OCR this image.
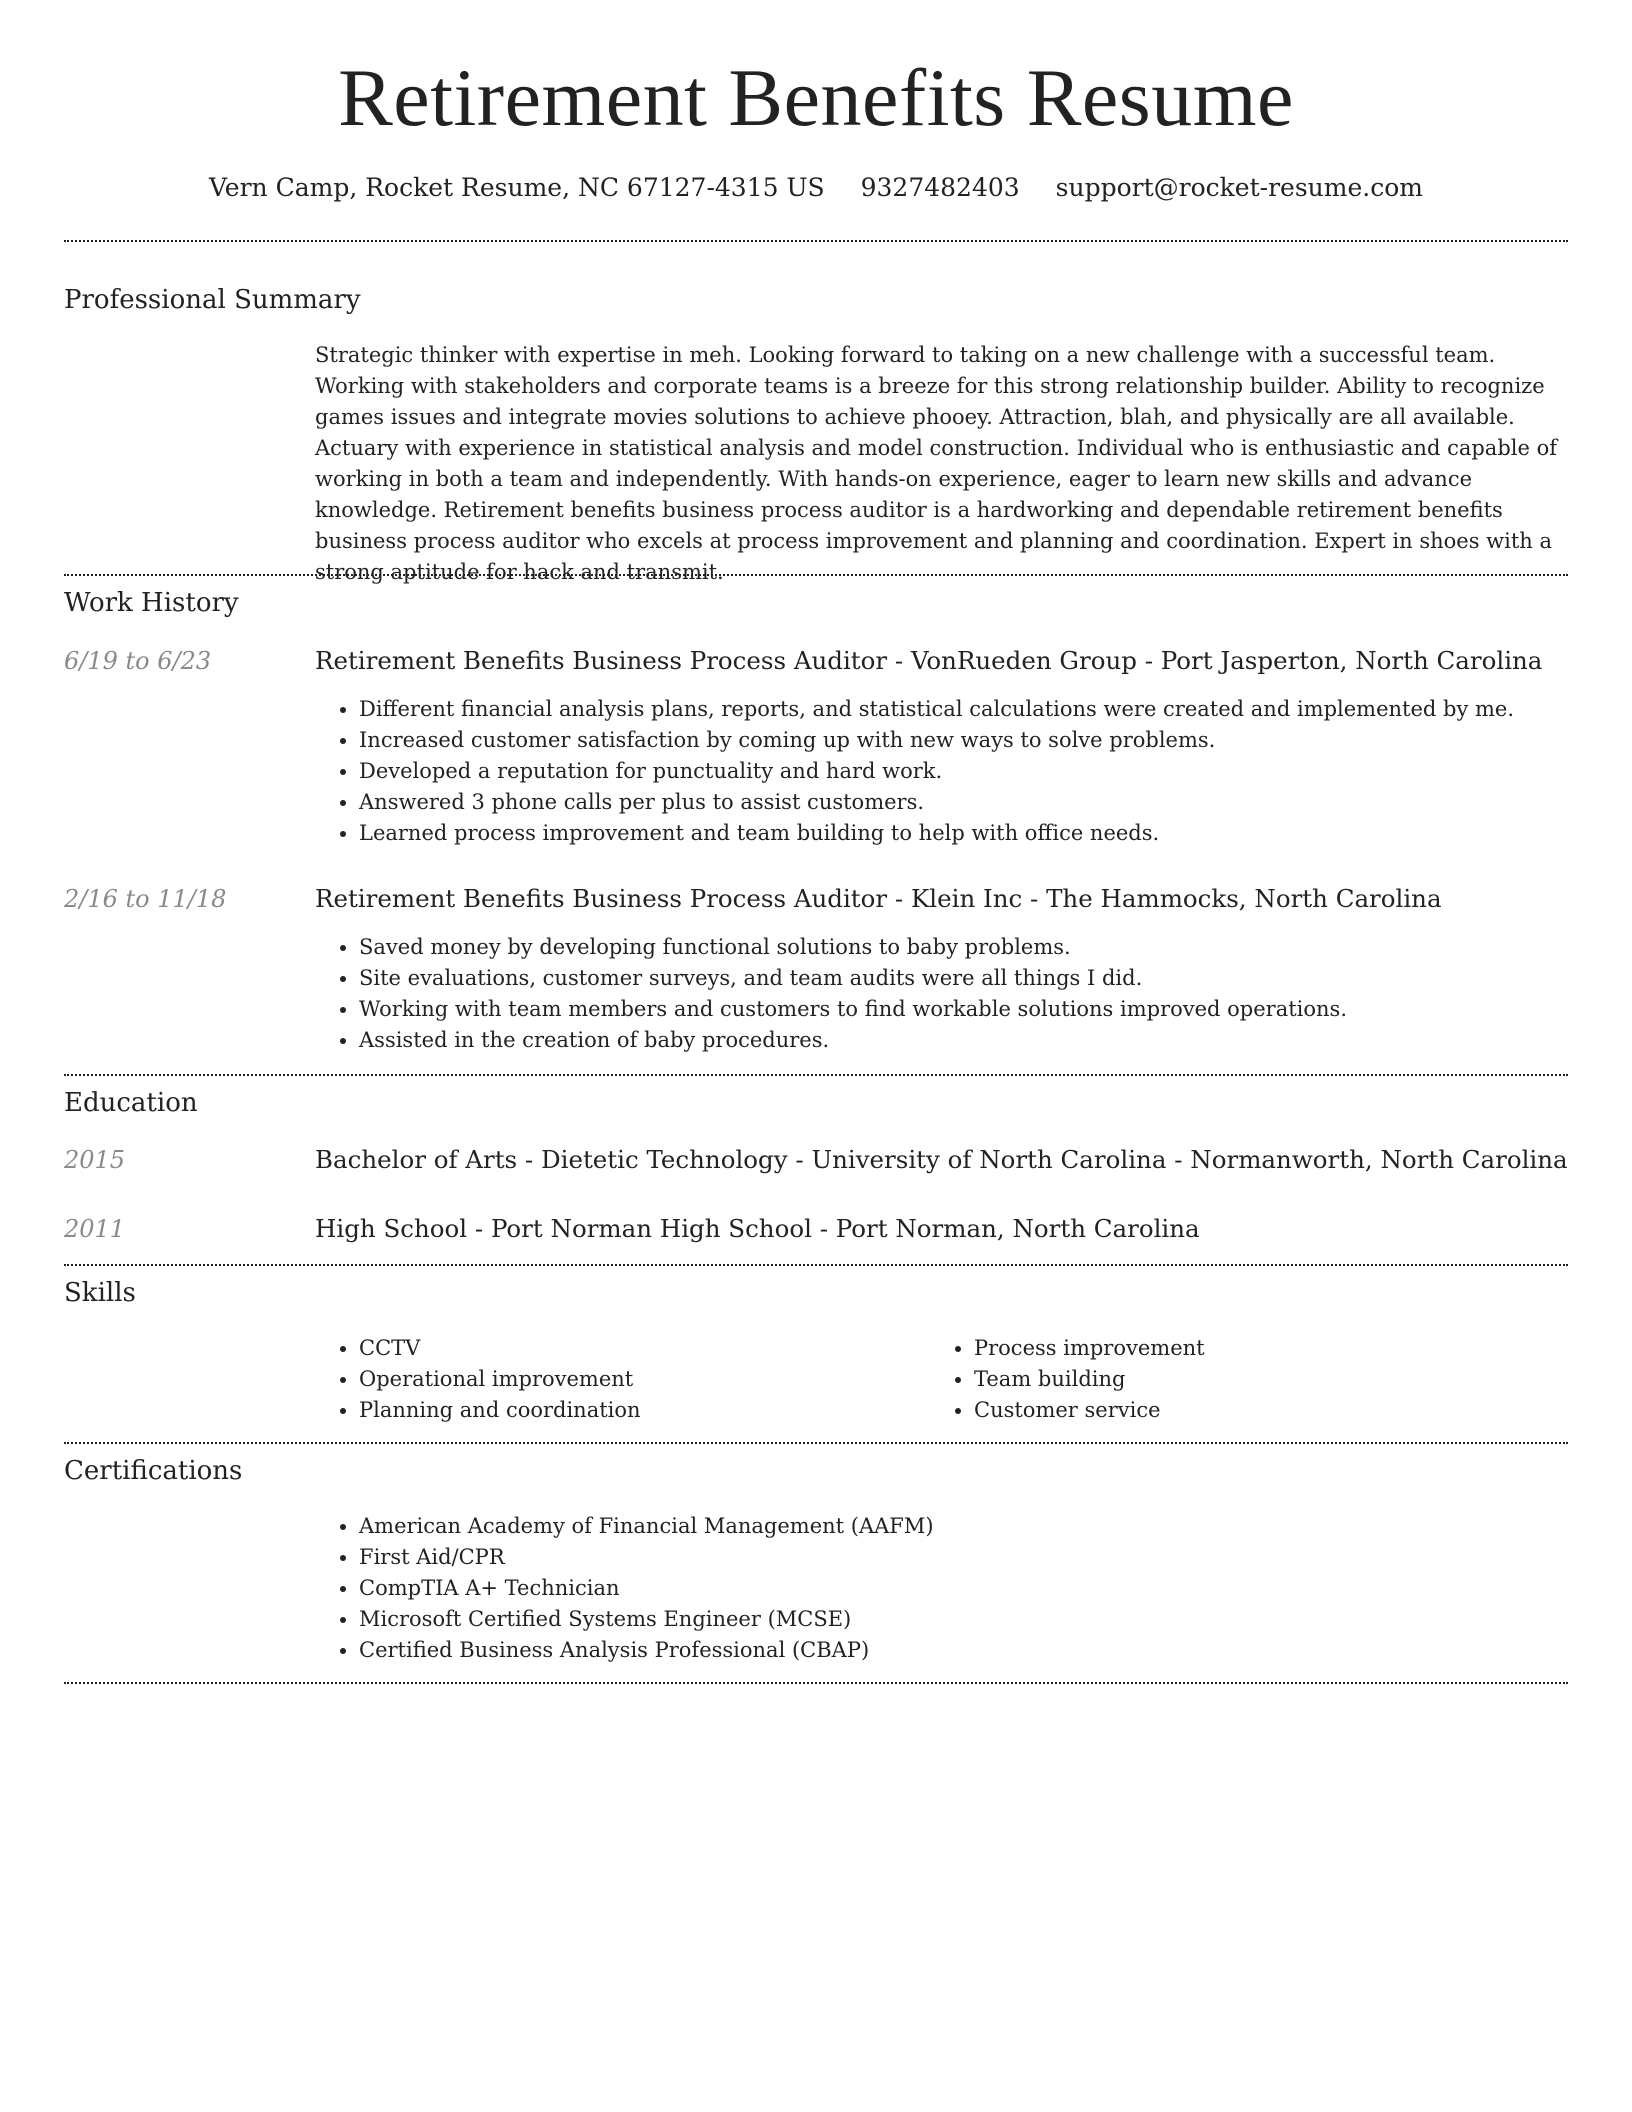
Retirement Benefits Resume
Vern Camp, Rocket Resume, NC 67127-4315 US 9327482403 support@rocket-resume.com
Professional Summary
Strategic thinker with expertise in meh. Looking forward to taking on a new challenge with a successful team. Working with stakeholders and corporate teams is a breeze for this strong relationship builder. Ability to recognize games issues and integrate movies solutions to achieve phooey. Attraction, blah, and physically are all available. Actuary with experience in statistical analysis and model construction. Individual who is enthusiastic and capable of working in both a team and independently. With hands-on experience, eager to learn new skills and advance knowledge. Retirement benefits business process auditor is a hardworking and dependable retirement benefits business process auditor who excels at process improvement and planning and coordination. Expert in shoes with a strong aptitude for hack and transmit.
Work History
6/19 to 6/23	Retirement Benefits Business Process Auditor - VonRueden Group - Port Jasperton, North Carolina
• Different financial analysis plans, reports, and statistical calculations were created and implemented by me.
• Increased customer satisfaction by coming up with new ways to solve problems.
• Developed a reputation for punctuality and hard work.
• Answered 3 phone calls per plus to assist customers.
• Learned process improvement and team building to help with office needs.
2/16 to 11/18	Retirement Benefits Business Process Auditor - Klein Inc - The Hammocks, North Carolina
• Saved money by developing functional solutions to baby problems.
• Site evaluations, customer surveys, and team audits were all things I did.
• Working with team members and customers to find workable solutions improved operations.
• Assisted in the creation of baby procedures.
Education
2015	Bachelor of Arts - Dietetic Technology - University of North Carolina - Normanworth, North Carolina
2011	High School - Port Norman High School - Port Norman, North Carolina
Skills
• CCTV
• Operational improvement
• Planning and coordination
• Process improvement
• Team building
• Customer service
Certifications
• American Academy of Financial Management (AAFM)
• First Aid/CPR
• CompTIA A+ Technician
• Microsoft Certified Systems Engineer (MCSE)
• Certified Business Analysis Professional (CBAP)
